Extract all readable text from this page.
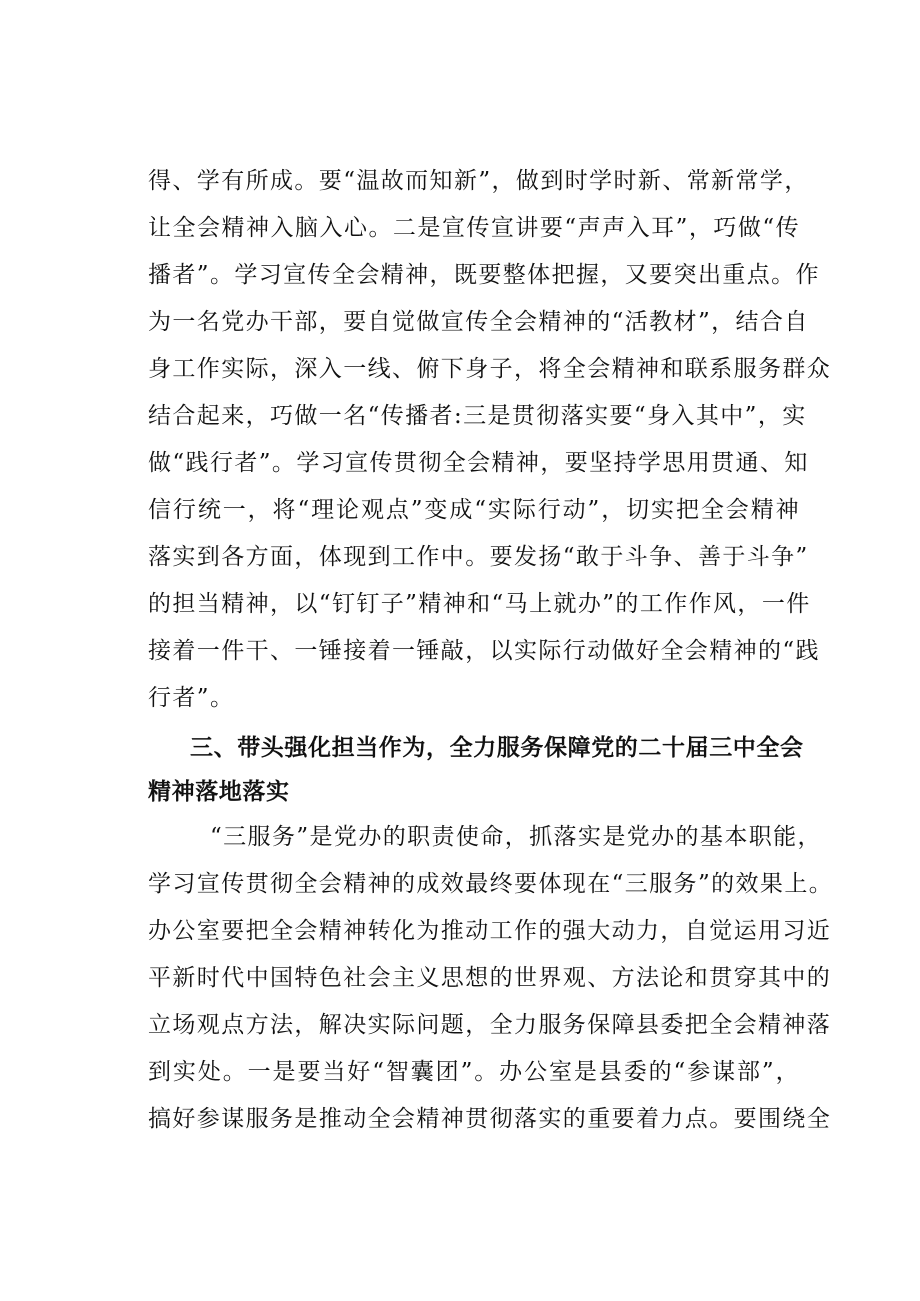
得、学有所成。要“温故而知新”，做到时学时新、常新常学，

让全会精神入脑入心。二是宣传宣讲要“声声入耳”，巧做“传

播者”。学习宣传全会精神，既要整体把握，又要突出重点。作

为一名党办干部，要自觉做宣传全会精神的“活教材”，结合自

身工作实际，深入一线、俯下身子，将全会精神和联系服务群众

结合起来，巧做一名“传播者:三是贯彻落实要“身入其中”，实

做“践行者”。学习宣传贯彻全会精神，要坚持学思用贯通、知

信行统一，将“理论观点”变成“实际行动”，切实把全会精神

落实到各方面，体现到工作中。要发扬“敢于斗争、善于斗争”

的担当精神，以“钉钉子”精神和“马上就办”的工作作风，一件

接着一件干、一锤接着一锤敲，以实际行动做好全会精神的“践

行者”。

三、带头强化担当作为，全力服务保障党的二十届三中全会

精神落地落实

“三服务”是党办的职责使命，抓落实是党办的基本职能，

学习宣传贯彻全会精神的成效最终要体现在“三服务”的效果上。

办公室要把全会精神转化为推动工作的强大动力，自觉运用习近

平新时代中国特色社会主义思想的世界观、方法论和贯穿其中的

立场观点方法，解决实际问题，全力服务保障县委把全会精神落

到实处。一是要当好“智囊团”。办公室是县委的“参谋部”，

搞好参谋服务是推动全会精神贯彻落实的重要着力点。要围绕全
